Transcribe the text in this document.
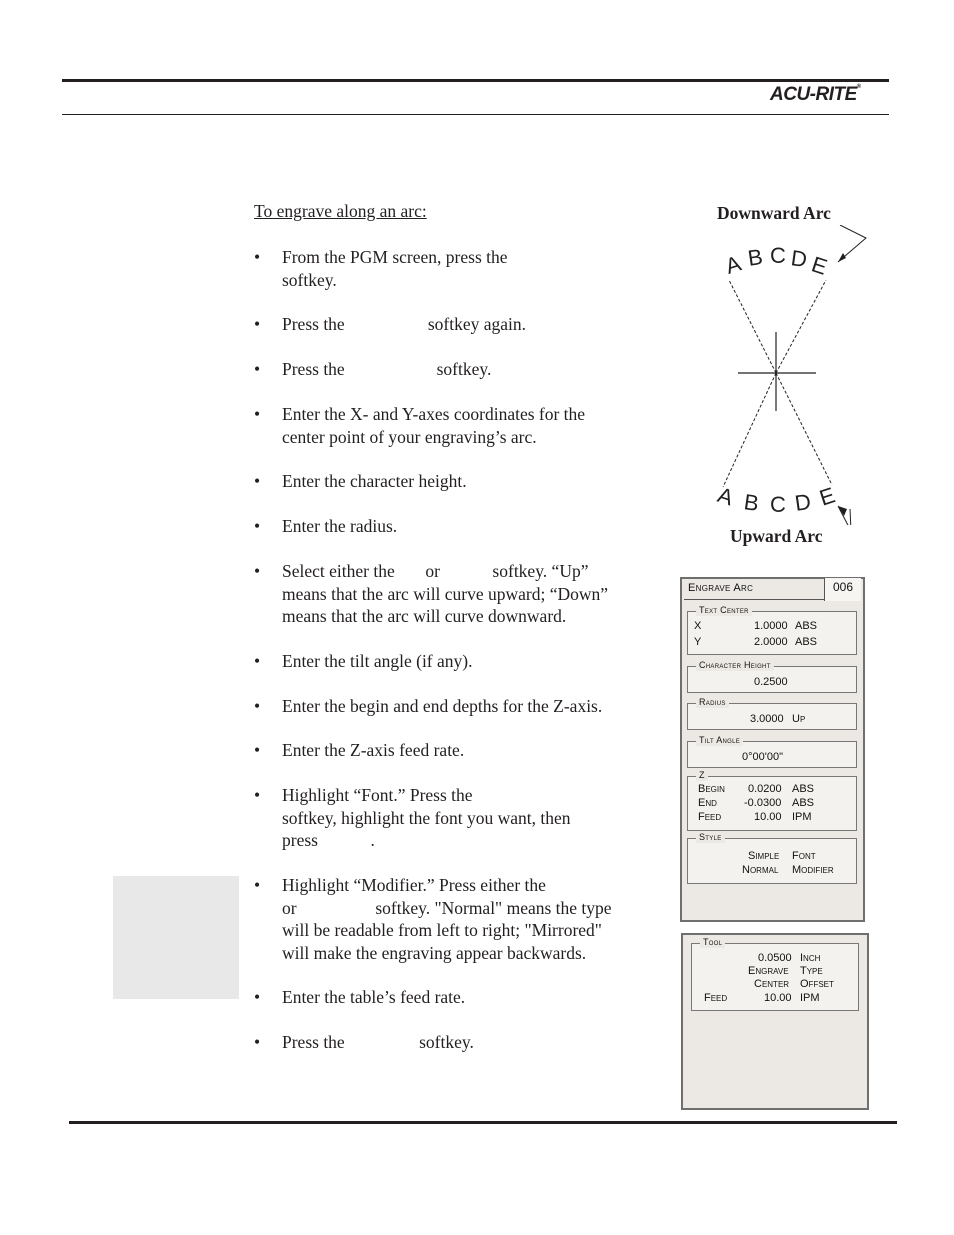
ACU-RITE®
To engrave along an arc:
• From the PGM screen, press the
softkey.
• Press the                   softkey again.
• Press the                     softkey.
• Enter the X- and Y-axes coordinates for the
center point of your engraving’s arc.
• Enter the character height.
• Enter the radius.
• Select either the       or            softkey. “Up”
means that the arc will curve upward; “Down”
means that the arc will curve downward.
• Enter the tilt angle (if any).
• Enter the begin and end depths for the Z-axis.
• Enter the Z-axis feed rate.
• Highlight “Font.” Press the
softkey, highlight the font you want, then
press            .
• Highlight “Modifier.” Press either the
or                  softkey. "Normal" means the type
will be readable from left to right; "Mirrored"
will make the engraving appear backwards.
• Enter the table’s feed rate.
• Press the                 softkey.
Downward Arc
Upward Arc
A B C D E
A B C D E
Engrave Arc	006
Text Center
X	1.0000 ABS
Y	2.0000 ABS
Character Height
0.2500
Radius
3.0000 Up
Tilt Angle
0°00'00"
Z
Begin 0.0200 ABS
End -0.0300 ABS
Feed	10.00 IPM
Style
Simple Font
Normal Modifier
Tool
0.0500 Inch
Engrave Type
Center Offset
Feed	10.00 IPM
